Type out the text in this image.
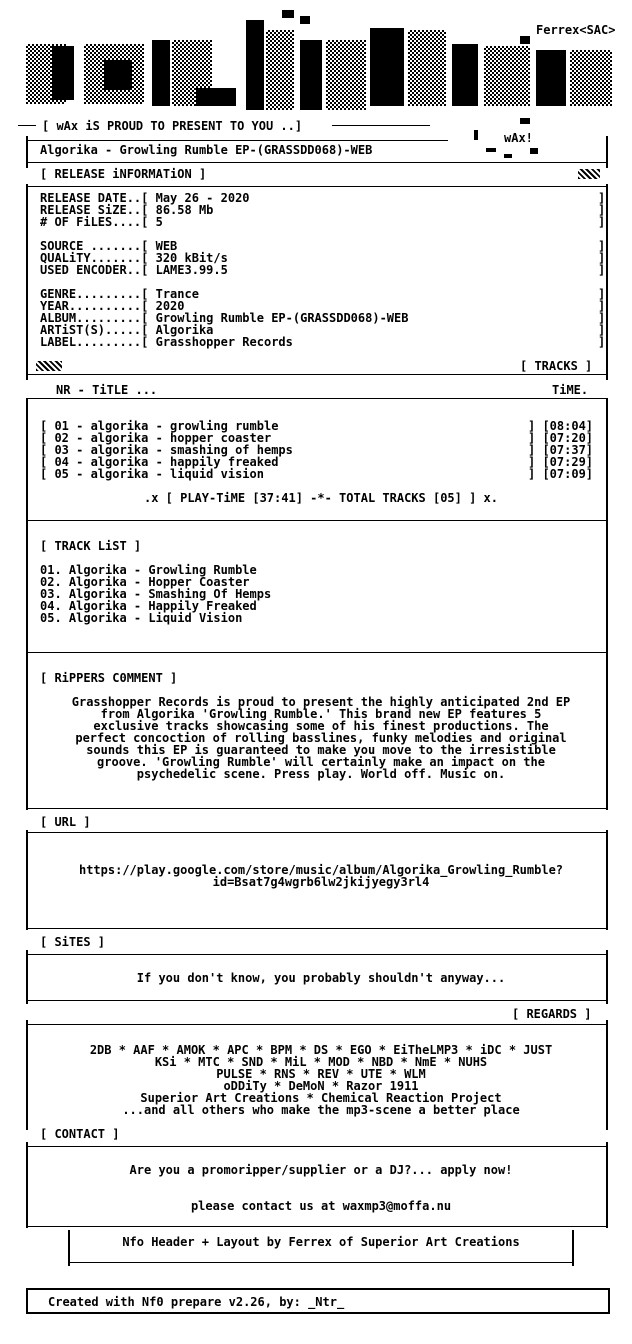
Ferrex<SAC>
[ wAx iS PROUD TO PRESENT TO YOU ..]
wAx!
Algorika - Growling Rumble EP-(GRASSDD068)-WEB
[ RELEASE iNFORMATiON ]
RELEASE DATE..[ May 26 - 2020
RELEASE SiZE..[ 86.58 Mb
# OF FiLES....[ 5
SOURCE .......[ WEB
QUALiTY.......[ 320 kBit/s
USED ENCODER..[ LAME3.99.5
GENRE.........[ Trance
YEAR..........[ 2020
ALBUM.........[ Growling Rumble EP-(GRASSDD068)-WEB
ARTiST(S).....[ Algorika
LABEL.........[ Grasshopper Records
]
]
]

]
]
]

]
]
]
]
]
[ TRACKS ]
NR - TiTLE ...	TiME.
[ 01 - algorika - growling rumble	] [08:04]
[ 02 - algorika - hopper coaster	] [07:20]
[ 03 - algorika - smashing of hemps	] [07:37]
[ 04 - algorika - happily freaked	] [07:29]
[ 05 - algorika - liquid vision	] [07:09]
.x [ PLAY-TiME [37:41] -*- TOTAL TRACKS [05] ] x.
[ TRACK LiST ]
01. Algorika - Growling Rumble
02. Algorika - Hopper Coaster
03. Algorika - Smashing Of Hemps
04. Algorika - Happily Freaked
05. Algorika - Liquid Vision
[ RiPPERS C0MMENT ]
Grasshopper Records is proud to present the highly anticipated 2nd EP
from Algorika 'Growling Rumble.' This brand new EP features 5
exclusive tracks showcasing some of his finest productions. The
perfect concoction of rolling basslines, funky melodies and original
sounds this EP is guaranteed to make you move to the irresistible
groove. 'Growling Rumble' will certainly make an impact on the
psychedelic scene. Press play. World off. Music on.
[ URL ]
https://play.google.com/store/music/album/Algorika_Growling_Rumble?
id=Bsat7g4wgrb6lw2jkijyegy3rl4
[ SiTES ]
If you don't know, you probably shouldn't anyway...
[ REGARDS ]
2DB * AAF * AMOK * APC * BPM * DS * EGO * EiTheLMP3 * iDC * JUST
KSi * MTC * SND * MiL * MOD * NBD * NmE * NUHS
PULSE * RNS * REV * UTE * WLM
oDDiTy * DeMoN * Razor 1911
Superior Art Creations * Chemical Reaction Project
...and all others who make the mp3-scene a better place
[ CONTACT ]
Are you a promoripper/supplier or a DJ?... apply now!
please contact us at waxmp3@moffa.nu
Nfo Header + Layout by Ferrex of Superior Art Creations
Created with Nf0 prepare v2.26, by: _Ntr_
